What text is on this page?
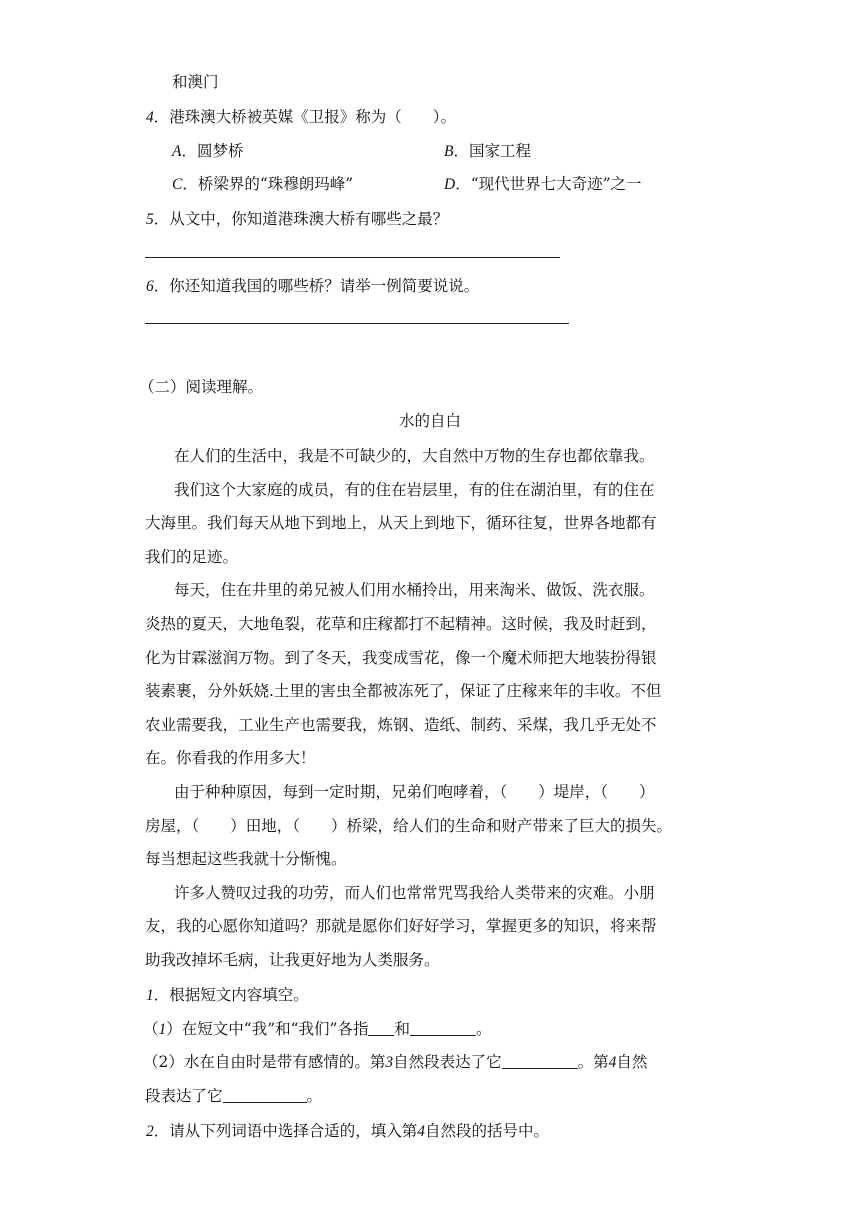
和澳门
4．港珠澳大桥被英媒《卫报》称为（　　）。
A．圆梦桥	B．国家工程
C．桥梁界的“珠穆朗玛峰”	D．“现代世界七大奇迹”之一
5．从文中，你知道港珠澳大桥有哪些之最？
6．你还知道我国的哪些桥？请举一例简要说说。
（二）阅读理解。
水的自白
在人们的生活中，我是不可缺少的，大自然中万物的生存也都依靠我。
我们这个大家庭的成员，有的住在岩层里，有的住在湖泊里，有的住在
大海里。我们每天从地下到地上，从天上到地下，循环往复，世界各地都有
我们的足迹。
每天，住在井里的弟兄被人们用水桶拎出，用来淘米、做饭、洗衣服。
炎热的夏天，大地龟裂，花草和庄稼都打不起精神。这时候，我及时赶到，
化为甘霖滋润万物。到了冬天，我变成雪花，像一个魔术师把大地装扮得银
装素裹，分外妖娆.土里的害虫全都被冻死了，保证了庄稼来年的丰收。不但
农业需要我，工业生产也需要我，炼钢、造纸、制药、采煤，我几乎无处不
在。你看我的作用多大！
由于种种原因，每到一定时期，兄弟们咆哮着，（　　）堤岸，（　　）
房屋，（　　）田地，（　　）桥梁，给人们的生命和财产带来了巨大的损失。
每当想起这些我就十分惭愧。
许多人赞叹过我的功劳，而人们也常常咒骂我给人类带来的灾难。小朋
友，我的心愿你知道吗？那就是愿你们好好学习，掌握更多的知识，将来帮
助我改掉坏毛病，让我更好地为人类服务。
1．根据短文内容填空。
（1）在短文中“我”和“我们”各指 和	。
（2）水在自由时是带有感情的。第3自然段表达了它	。第4自然
段表达了它	。
2．请从下列词语中选择合适的，填入第4自然段的括号中。
